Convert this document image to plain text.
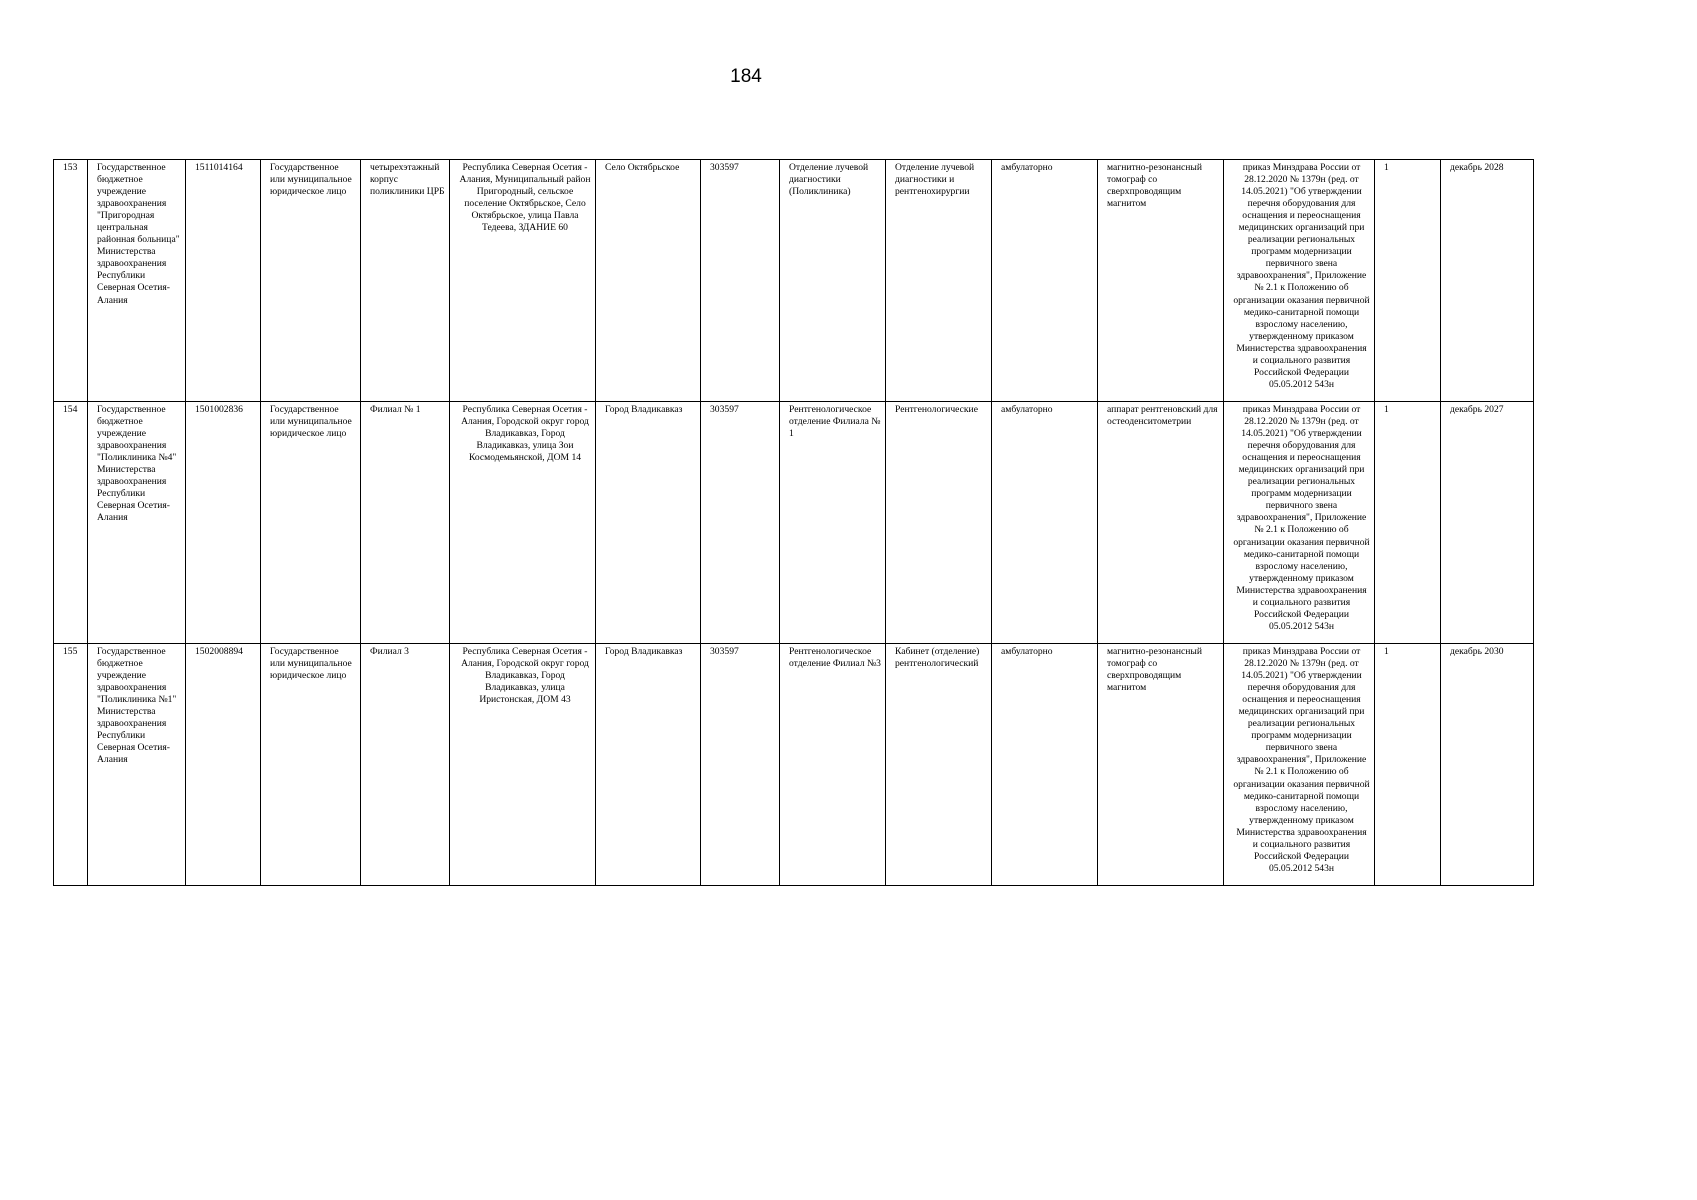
184
153	Государственное бюджетное учреждение здравоохранения "Пригородная центральная районная больница" Министерства здравоохранения Республики Северная Осетия-Алания	1511014164	Государственное или муниципальное юридическое лицо	четырехэтажный корпус поликлиники ЦРБ	Республика Северная Осетия - Алания, Муниципальный район Пригородный, сельское поселение Октябрьское, Село Октябрьское, улица Павла Тедеева, ЗДАНИЕ 60	Село Октябрьское	303597	Отделение лучевой диагностики (Поликлиника)	Отделение лучевой диагностики и рентгенохирургии	амбулаторно	магнитно-резонансный томограф со сверхпроводящим магнитом	приказ Минздрава России от 28.12.2020 № 1379н (ред. от 14.05.2021) "Об утверждении перечня оборудования для оснащения и переоснащения медицинских организаций при реализации региональных программ модернизации первичного звена здравоохранения", Приложение № 2.1 к Положению об организации оказания первичной медико-санитарной помощи взрослому населению, утвержденному приказом Министерства здравоохранения и социального развития Российской Федерации 05.05.2012 543н	1	декабрь 2028
154	Государственное бюджетное учреждение здравоохранения "Поликлиника №4" Министерства здравоохранения Республики Северная Осетия-Алания	1501002836	Государственное или муниципальное юридическое лицо	Филиал № 1	Республика Северная Осетия - Алания, Городской округ город Владикавказ, Город Владикавказ, улица Зои Космодемьянской, ДОМ 14	Город Владикавказ	303597	Рентгенологическое отделение Филиала № 1	Рентгенологические	амбулаторно	аппарат рентгеновский для остеоденситометрии	приказ Минздрава России от 28.12.2020 № 1379н (ред. от 14.05.2021) "Об утверждении перечня оборудования для оснащения и переоснащения медицинских организаций при реализации региональных программ модернизации первичного звена здравоохранения", Приложение № 2.1 к Положению об организации оказания первичной медико-санитарной помощи взрослому населению, утвержденному приказом Министерства здравоохранения и социального развития Российской Федерации 05.05.2012 543н	1	декабрь 2027
155	Государственное бюджетное учреждение здравоохранения "Поликлиника №1" Министерства здравоохранения Республики Северная Осетия-Алания	1502008894	Государственное или муниципальное юридическое лицо	Филиал 3	Республика Северная Осетия - Алания, Городской округ город Владикавказ, Город Владикавказ, улица Иристонская, ДОМ 43	Город Владикавказ	303597	Рентгенологическое отделение Филиал №3	Кабинет (отделение) рентгенологический	амбулаторно	магнитно-резонансный томограф со сверхпроводящим магнитом	приказ Минздрава России от 28.12.2020 № 1379н (ред. от 14.05.2021) "Об утверждении перечня оборудования для оснащения и переоснащения медицинских организаций при реализации региональных программ модернизации первичного звена здравоохранения", Приложение № 2.1 к Положению об организации оказания первичной медико-санитарной помощи взрослому населению, утвержденному приказом Министерства здравоохранения и социального развития Российской Федерации 05.05.2012 543н	1	декабрь 2030
